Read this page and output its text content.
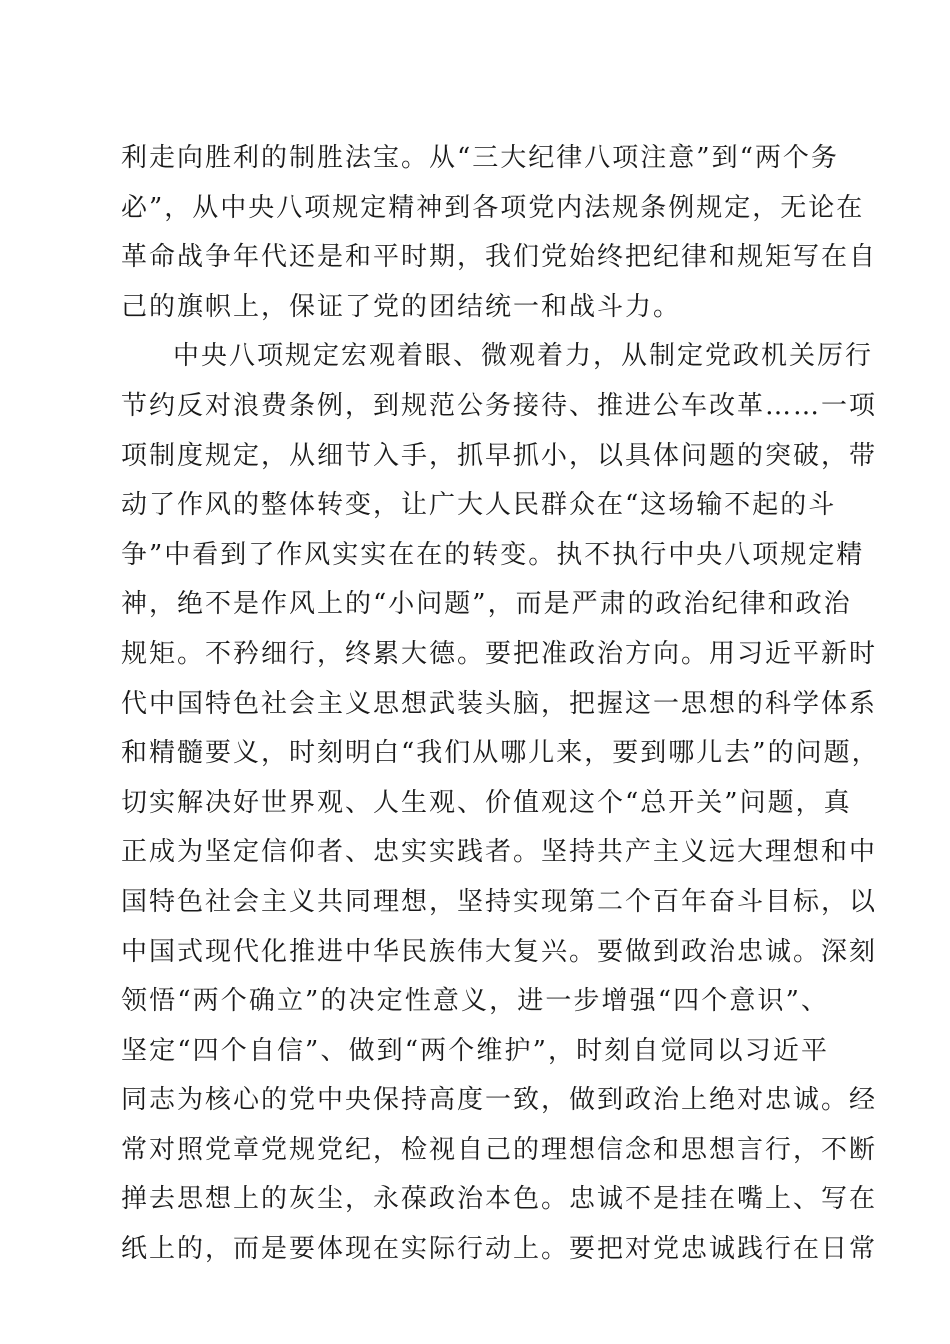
利走向胜利的制胜法宝。从“三大纪律八项注意”到“两个务
必”，从中央八项规定精神到各项党内法规条例规定，无论在
革命战争年代还是和平时期，我们党始终把纪律和规矩写在自
己的旗帜上，保证了党的团结统一和战斗力。
中央八项规定宏观着眼、微观着力，从制定党政机关厉行
节约反对浪费条例，到规范公务接待、推进公车改革……一项
项制度规定，从细节入手，抓早抓小，以具体问题的突破，带
动了作风的整体转变，让广大人民群众在“这场输不起的斗
争”中看到了作风实实在在的转变。执不执行中央八项规定精
神，绝不是作风上的“小问题”，而是严肃的政治纪律和政治
规矩。不矜细行，终累大德。要把准政治方向。用习近平新时
代中国特色社会主义思想武装头脑，把握这一思想的科学体系
和精髓要义，时刻明白“我们从哪儿来，要到哪儿去”的问题，
切实解决好世界观、人生观、价值观这个“总开关”问题，真
正成为坚定信仰者、忠实实践者。坚持共产主义远大理想和中
国特色社会主义共同理想，坚持实现第二个百年奋斗目标，以
中国式现代化推进中华民族伟大复兴。要做到政治忠诚。深刻
领悟“两个确立”的决定性意义，进一步增强“四个意识”、
坚定“四个自信”、做到“两个维护”，时刻自觉同以习近平
同志为核心的党中央保持高度一致，做到政治上绝对忠诚。经
常对照党章党规党纪，检视自己的理想信念和思想言行，不断
掸去思想上的灰尘，永葆政治本色。忠诚不是挂在嘴上、写在
纸上的，而是要体现在实际行动上。要把对党忠诚践行在日常
